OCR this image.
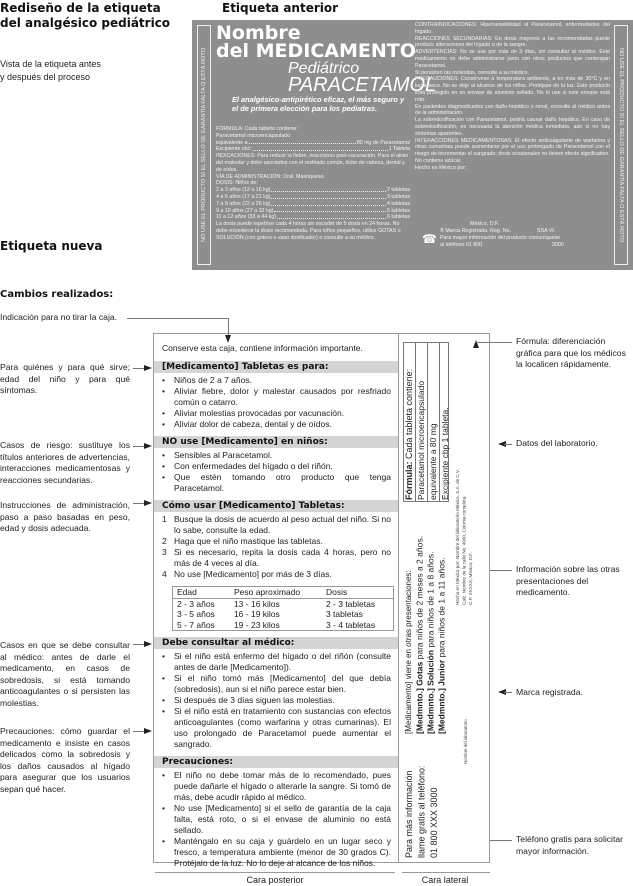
Rediseño de la etiqueta
del analgésico pediátrico
Vista de la etiqueta antes
y después del proceso
Etiqueta anterior
Etiqueta nueva
Cambios realizados:
NO USE EL PRODUCTO SI EL SELLO DE GARANTÍA FALTA O ESTÁ ROTO	NO USE EL PRODUCTO SI EL SELLO DE GARANTÍA FALTA O ESTÁ ROTO
Nombre
del MEDICAMENTO
Pediátrico
PARACETAMOL
El analgésico-antipirético eficaz, el más seguro y el de primera elección para los pediatras.
FÓRMULA: Cada tableta contiene:
Paracetamol microencapsulado
equivalente a	80 mg de Paracetamol
Excipiente cbc:	1 Tableta
INDICACIONES: Para reducir la fiebre, reacciones post-vacunación. Para el alivio del malestar y dolor asociados con el resfriado común, dolor de cabeza, dental y de oídos.
VÍA DE ADMINISTRACIÓN: Oral. Mastíquese.
DOSIS: Niños de:
2 a 3 años (12 a 16 kg)	2 tabletas
4 a 6 años (17 a 21 kg)	3 tabletas
7 a 8 años (22 a 26 kg)	4 tabletas
9 a 10 años (27 a 32 kg)	5 tabletas
11 a 12 años (33 a 44 kg)	6 tabletas
La dosis puede repetirse cada 4 horas sin exceder de 5 dosis en 24 horas. No debe excederse la dosis recomendada. Para niños pequeños, utilice GOTAS o SOLUCIÓN (con gotero o vaso dosificador) o consulte a su médico.
CONTRAINDICACIONES: Hipersensibilidad al Paracetamol, enfermedades del hígado.
REACCIONES SECUNDARIAS: En dosis mayores a las recomendadas puede producir alteraciones del hígado o de la sangre.
ADVERTENCIAS: No se use por más de 3 días, sin consultar al médico. Este medicamento no debe administrarse junto con otros productos que contengan Paracetamol.
Si persisten las molestias, consulte a su médico.
PRECAUCIONES: Consérvese a temperatura ambiente, a no más de 30°C y en lugar seco. No se deje al alcance de los niños. Protéjase de la luz. Este producto está protegido en un envase de aluminio sellado. No lo use si este envase está roto.
En pacientes diagnosticados con daño hepático o renal, consulte al médico antes de la administración.
La sobredosificación con Paracetamol, podría causar daño hepático. En caso de sobredosificación, es necesaria la atención médica inmediata, aún si no hay síntomas aparentes.
INTERACCIONES MEDICAMENTOSAS: El efecto anticoagulante de warfarina y otras cumarinas puede aumentarse por el uso prolongado de Paracetamol con el riesgo de incrementar el sangrado; dosis ocasionales no tienen efecto significativo.
No contiene azúcar.
Hecho en México por:
México, D.F.
® Marca Registrada. Reg. No.	SSA VI.
☎ Para mayor información del producto comuníquese
al teléfono 01 800	3000
Conserve esta caja, contiene información importante.
[Medicamento] Tabletas es para:
•	Niños de 2 a 7 años.
•	Aliviar fiebre, dolor y malestar causados por resfriado común o catarro.
•	Aliviar molestias provocadas por vacunación.
•	Aliviar dolor de cabeza, dental y de oídos.
NO use [Medicamento] en niños:
•	Sensibles al Paracetamol.
•	Con enfermedades del hígado o del riñón.
•	Que estén tomando otro producto que tenga Paracetamol.
Cómo usar [Medicamento] Tabletas:
1 Busque la dosis de acuerdo al peso actual del niño. Si no lo sabe, consulte la edad.
2 Haga que el niño mastique las tabletas.
3 Si es necesario, repita la dosis cada 4 horas, pero no más de 4 veces al día.
4 No use [Medicamento] por más de 3 días.
Edad	Peso aproximado	Dosis
2 - 3 años	13 - 16 kilos	2 - 3 tabletas
3 - 5 años	16 - 19 kilos	3 tabletas
5 - 7 años	19 - 23 kilos	3 - 4 tabletas
Debe consultar al médico:
•	Si el niño está enfermo del hígado o del riñón (consulte antes de darle [Medicamento]).
•	Si el niño tomó más [Medicamento] del que debía (sobredosis), aun si el niño parece estar bien.
•	Si después de 3 días siguen las molestias.
•	Si el niño está en tratamiento con sustancias con efectos anticoagulantes (como warfarina y otras cumarinas). El uso prolongado de Paracetamol puede aumentar el sangrado.
Precauciones:
•	El niño no debe tomar más de lo recomendado, pues puede dañarle el hígado o alterarle la sangre. Si tomó de más, debe acudir rápido al médico.
•	No use [Medicamento] si el sello de garantía de la caja falta, está roto, o si el envase de aluminio no está sellado.
•	Manténgalo en su caja y guárdelo en un lugar seco y fresco, a temperatura ambiente (menor de 30 grados C). Protéjalo de la luz. No lo deje al alcance de los niños.
Fórmula: Cada tableta contiene: Paracetamol microencapsulado equivalente a 80 mg Excipiente cbp 1 tableta.
[Medicamento] viene en otras presentaciones: [Medmnto.] Gotas para niños de 2 meses a 2 años.
[Medmnto.] Solución para niños de 1 a 8 años.
[Medmnto.] Junior para niños de 1 a 11 años.
Para más información llame gratis al teléfono: 01 800 XXX 3000
Hecho en México por: Nombre del laboratorio México, S.A. de C.V. Calz. Nombre de la calle No. 4900, Colonia completa, C.P. XXXXX, México, D.F.
Nombre del laboratorio
Cara posterior	Cara lateral
Indicación para no tirar la caja.
Para quiénes y para qué sirve; edad del niño y para qué síntomas.
Casos de riesgo: sustituye los títulos anteriores de advertencias, interacciones medicamentosas y reacciones secundarias.
Instrucciones de administración, paso a paso basadas en peso, edad y dosis adecuada.
Casos en que se debe consultar al médico: antes de darle el medicamento, en casos de sobredosis, si está tomando anticoagulantes o si persisten las molestias.
Precauciones: cómo guardar el medicamento e insiste en casos delicados como la sobredosis y los daños causados al hígado para asegurar que los usuarios sepan qué hacer.
Fórmula: diferenciación gráfica para que los médicos la localicen rápidamente.
Datos del laboratorio.
Información sobre las otras presentaciones del medicamento.
Marca registrada.
Teléfono gratis para solicitar mayor información.
